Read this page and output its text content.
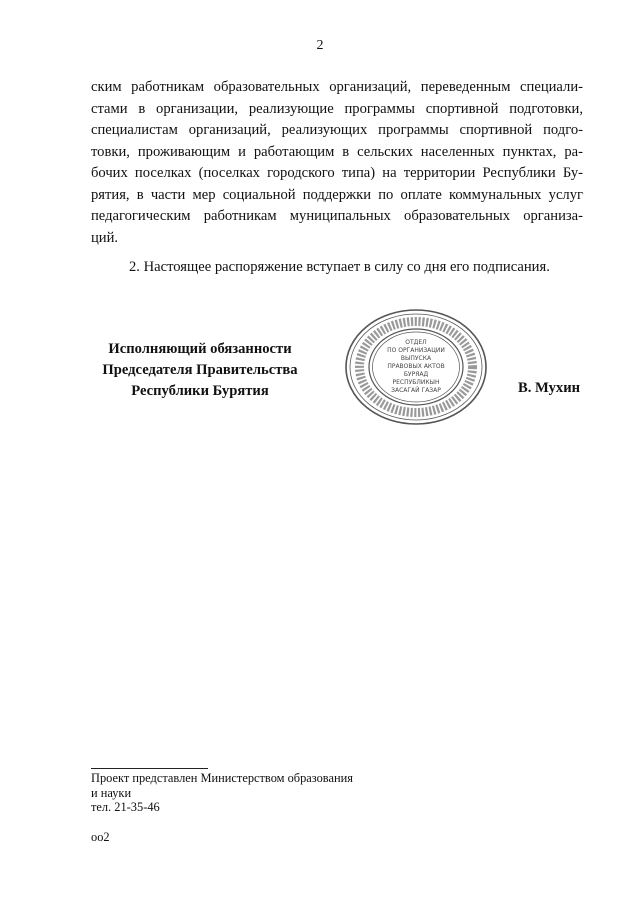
2
ским работникам образовательных организаций, переведенным специали-
стами в организации, реализующие программы спортивной подготовки,
специалистам организаций, реализующих программы спортивной подго-
товки, проживающим и работающим в сельских населенных пунктах, ра-
бочих поселках (поселках городского типа) на территории Республики Бу-
рятия, в части мер социальной поддержки по оплате коммунальных услуг
педагогическим работникам муниципальных образовательных организа-
ций.
2. Настоящее распоряжение вступает в силу со дня его подписания.
Исполняющий обязанности
Председателя Правительства
Республики Бурятия
ОТДЕЛ
ПО ОРГАНИЗАЦИИ
ВЫПУСКА
ПРАВОВЫХ АКТОВ
БУРЯАД
РЕСПУБЛИКЫН
ЗАСАГАЙ ГАЗАР	В. Мухин
Проект представлен Министерством образования
и науки
тел. 21-35-46
оо2
